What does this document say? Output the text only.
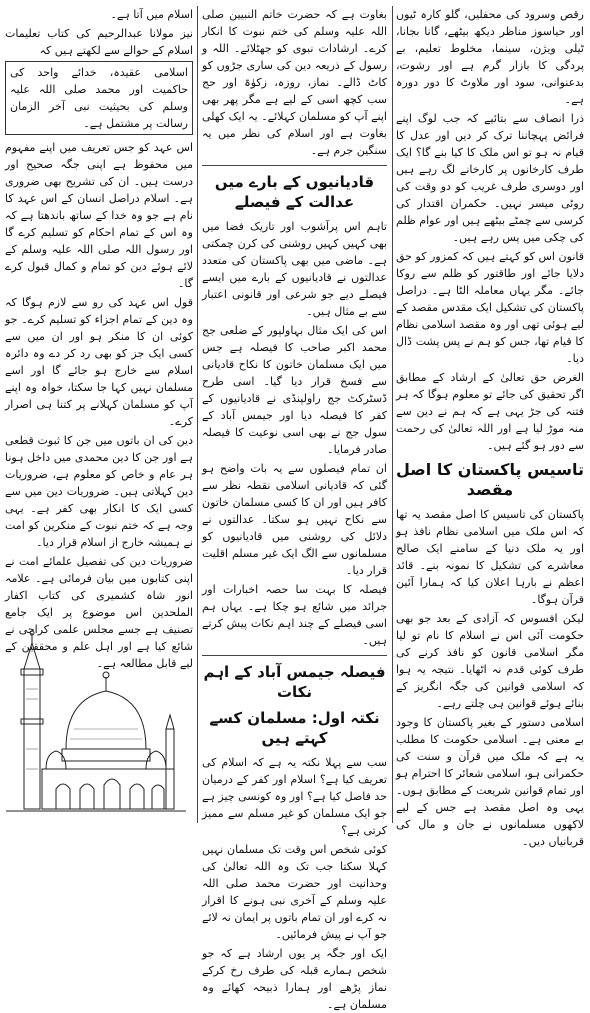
رقص وسرود کی محفلیں، گلو کارہ ٹیوں اور حیاسوز مناظر دیکھ بیٹھے، گانا بجانا، ٹیلی ویژن، سینما، مخلوط تعلیم، بے پردگی کا بازار گرم ہے اور رشوت، بدعنوانی، سود اور ملاوٹ کا دور دورہ ہے۔

ذرا انصاف سے بتائیے کہ جب لوگ اپنے فرائض پہچاننا ترک کر دیں اور عدل کا قیام نہ ہو تو اس ملک کا کیا بنے گا؟ ایک طرف کارخانوں پر کارخانے لگ رہے ہیں اور دوسری طرف غریب کو دو وقت کی روٹی میسر نہیں۔ حکمران اقتدار کی کرسی سے چمٹے بیٹھے ہیں اور عوام ظلم کی چکی میں پس رہے ہیں۔

قانون اس کو کہتے ہیں کہ کمزور کو حق دلایا جائے اور طاقتور کو ظلم سے روکا جائے۔ مگر یہاں معاملہ الٹا ہے۔ دراصل پاکستان کی تشکیل ایک مقدس مقصد کے لیے ہوئی تھی اور وہ مقصد اسلامی نظام کا قیام تھا، جس کو ہم نے پس پشت ڈال دیا۔

الغرض حق تعالیٰ کے ارشاد کے مطابق اگر تحقیق کی جائے تو معلوم ہوگا کہ ہر فتنہ کی جڑ یہی ہے کہ ہم نے دین سے منہ موڑ لیا ہے اور اللہ تعالیٰ کی رحمت سے دور ہو گئے ہیں۔

تاسیس پاکستان کا اصل مقصد

پاکستان کی تاسیس کا اصل مقصد یہ تھا کہ اس ملک میں اسلامی نظام نافذ ہو اور یہ ملک دنیا کے سامنے ایک صالح معاشرے کی تشکیل کا نمونہ بنے۔ قائد اعظم نے بارہا اعلان کیا کہ ہمارا آئین قرآن ہوگا۔

لیکن افسوس کہ آزادی کے بعد جو بھی حکومت آئی اس نے اسلام کا نام تو لیا مگر اسلامی قانون کو نافذ کرنے کی طرف کوئی قدم نہ اٹھایا۔ نتیجہ یہ ہوا کہ اسلامی قوانین کی جگہ انگریز کے بنائے ہوئے قوانین ہی چلتے رہے۔

اسلامی دستور کے بغیر پاکستان کا وجود بے معنی ہے۔ اسلامی حکومت کا مطلب یہ ہے کہ ملک میں قرآن و سنت کی حکمرانی ہو، اسلامی شعائر کا احترام ہو اور تمام قوانین شریعت کے مطابق ہوں۔ یہی وہ اصل مقصد ہے جس کے لیے لاکھوں مسلمانوں نے جان و مال کی قربانیاں دیں۔

بغاوت ہے کہ حضرت خاتم النبیین صلی اللہ علیہ وسلم کی ختم نبوت کا انکار کرے۔ ارشادات نبوی کو جھٹلائے۔ اللہ و رسول کے ذریعہ دین کی ساری جڑوں کو کاٹ ڈالے۔ نماز، روزہ، زکوٰۃ اور حج سب کچھ اسی کے لیے ہے مگر پھر بھی اپنے آپ کو مسلمان کہلائے۔ یہ ایک کھلی بغاوت ہے اور اسلام کی نظر میں یہ سنگین جرم ہے۔

قادیانیوں کے بارے میں عدالت کے فیصلے

تاہم اس پرآشوب اور تاریک فضا میں بھی کہیں کہیں روشنی کی کرن چمکتی ہے۔ ماضی میں بھی پاکستان کی متعدد عدالتوں نے قادیانیوں کے بارے میں ایسے فیصلے دیے جو شرعی اور قانونی اعتبار سے بے مثال ہیں۔

اس کی ایک مثال بہاولپور کے ضلعی جج محمد اکبر صاحب کا فیصلہ ہے جس میں ایک مسلمان خاتون کا نکاح قادیانی سے فسخ قرار دیا گیا۔ اسی طرح ڈسٹرکٹ جج راولپنڈی نے قادیانیوں کے کفر کا فیصلہ دیا اور جیمس آباد کے سول جج نے بھی اسی نوعیت کا فیصلہ صادر فرمایا۔

ان تمام فیصلوں سے یہ بات واضح ہو گئی کہ قادیانی اسلامی نقطہ نظر سے کافر ہیں اور ان کا کسی مسلمان خاتون سے نکاح نہیں ہو سکتا۔ عدالتوں نے دلائل کی روشنی میں قادیانیوں کو مسلمانوں سے الگ ایک غیر مسلم اقلیت قرار دیا۔

فیصلہ کا بہت سا حصہ اخبارات اور جرائد میں شائع ہو چکا ہے۔ یہاں ہم اسی فیصلے کے چند اہم نکات پیش کرتے ہیں۔

فیصلہ جیمس آباد کے اہم نکات
نکتہ اول: مسلمان کسے کہتے ہیں

سب سے پہلا نکتہ یہ ہے کہ اسلام کی تعریف کیا ہے؟ اسلام اور کفر کے درمیان حد فاصل کیا ہے؟ اور وہ کونسی چیز ہے جو ایک مسلمان کو غیر مسلم سے ممیز کرتی ہے؟

کوئی شخص اس وقت تک مسلمان نہیں کہلا سکتا جب تک وہ اللہ تعالیٰ کی وحدانیت اور حضرت محمد صلی اللہ علیہ وسلم کے آخری نبی ہونے کا اقرار نہ کرے اور ان تمام باتوں پر ایمان نہ لائے جو آپ نے پیش فرمائیں۔

ایک اور جگہ پر یوں ارشاد ہے کہ جو شخص ہمارے قبلہ کی طرف رخ کرکے نماز پڑھے اور ہمارا ذبیحہ کھائے وہ مسلمان ہے۔

اسلام میں آتا ہے۔

نیز مولانا عبدالرحیم کی کتاب تعلیمات اسلام کے حوالے سے لکھتے ہیں کہ

اسلامی عقیدہ، خدائے واحد کی حاکمیت اور محمد صلی اللہ علیہ وسلم کی بحیثیت نبی آخر الزمان رسالت پر مشتمل ہے۔

اس عہد کو جس تعریف میں اپنے مفہوم میں محفوظ ہے اپنی جگہ صحیح اور درست ہیں۔ ان کی تشریح بھی ضروری ہے۔ اسلام دراصل انسان کے اس عہد کا نام ہے جو وہ خدا کے ساتھ باندھتا ہے کہ وہ اس کے تمام احکام کو تسلیم کرے گا اور رسول اللہ صلی اللہ علیہ وسلم کے لائے ہوئے دین کو تمام و کمال قبول کرے گا۔

قول اس عہد کی رو سے لازم ہوگا کہ وہ دین کے تمام اجزاء کو تسلیم کرے۔ جو کوئی ان کا منکر ہو اور ان میں سے کسی ایک جز کو بھی رد کر دے وہ دائرہ اسلام سے خارج ہو جائے گا اور اسے مسلمان نہیں کہا جا سکتا، خواہ وہ اپنے آپ کو مسلمان کہلانے پر کتنا ہی اصرار کرے۔

دین کی ان باتوں میں جن کا ثبوت قطعی ہے اور جن کا دین محمدی میں داخل ہونا ہر عام و خاص کو معلوم ہے، ضروریات دین کہلاتی ہیں۔ ضروریات دین میں سے کسی ایک کا انکار بھی کفر ہے۔ یہی وجہ ہے کہ ختم نبوت کے منکرین کو امت نے ہمیشہ خارج از اسلام قرار دیا۔

ضروریات دین کی تفصیل علمائے امت نے اپنی کتابوں میں بیان فرمائی ہے۔ علامہ انور شاہ کشمیری کی کتاب اکفار الملحدین اس موضوع پر ایک جامع تصنیف ہے جسے مجلس علمی کراچی نے شائع کیا ہے اور اہل علم و محققین کے لیے قابل مطالعہ ہے۔
